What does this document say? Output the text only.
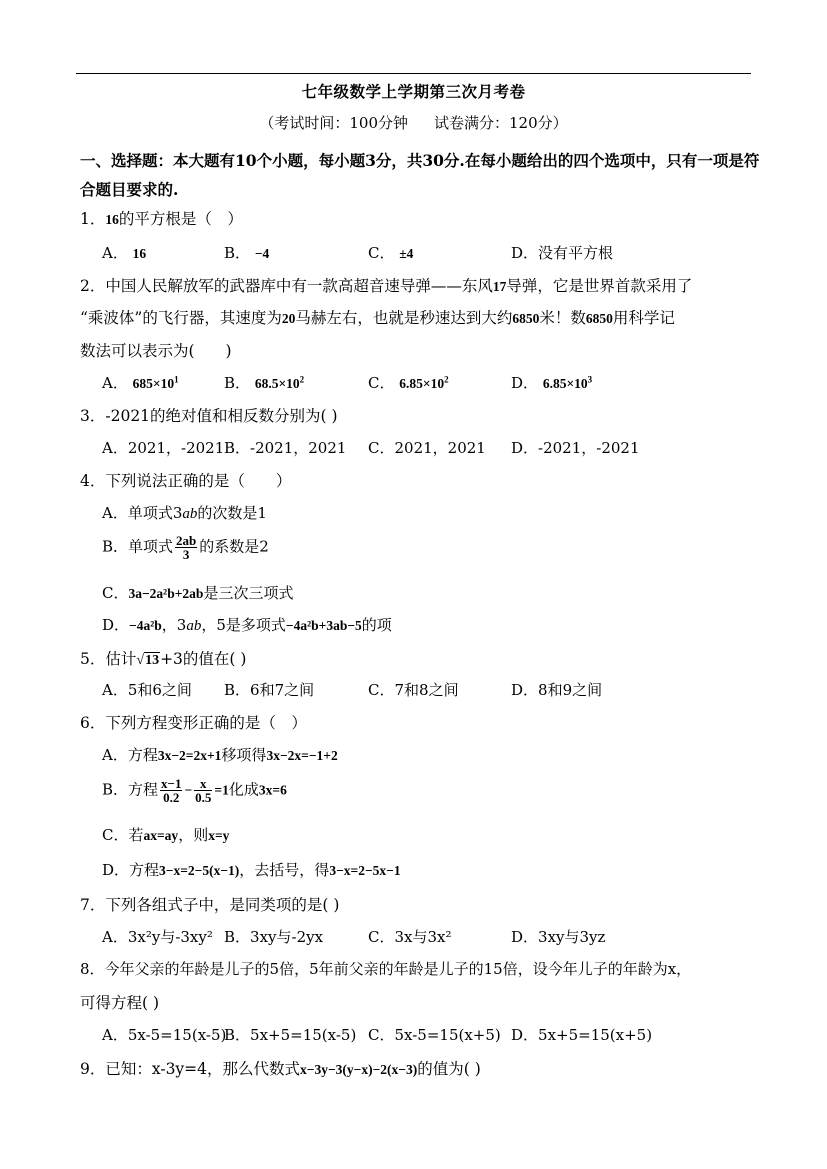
七年级数学上学期第三次月考卷
（考试时间：100分钟 试卷满分：120分）
一、选择题：本大题有10个小题，每小题3分，共30分.在每小题给出的四个选项中，只有一项是符合题目要求的.
1．16的平方根是（　）
A． 16	B． −4	C． ±4	D．没有平方根
2．中国人民解放军的武器库中有一款高超音速导弹——东风17导弹，它是世界首款采用了
“乘波体”的飞行器，其速度为20马赫左右，也就是秒速达到大约6850米！数6850用科学记
数法可以表示为(　　)
A． $685\times 10^1$	B． $68.5\times 10^2$	C． $6.85\times 10^2$	D． $6.85\times 10^3$
3．-2021的绝对值和相反数分别为( )
A．2021，-2021 B．-2021，2021 C．2021，2021 D．-2021，-2021
4．下列说法正确的是（　　）
A．单项式3ab的次数是1
B．单项式 $\frac{2ab}{3}$ 的系数是2
C．3a−2a²b+2ab是三次三项式
D．−4a²b，3ab，5是多项式−4a²b+3ab−5的项
5．估计√13+3的值在( )
A．5和6之间 B．6和7之间	C．7和8之间	D．8和9之间
6．下列方程变形正确的是（　）
A．方程3x−2=2x+1移项得3x−2x=−1+2
B．方程 $\frac{x-1}{0.2} - \frac{x}{0.5} =1$化成3x=6
C．若ax=ay，则x=y
D．方程3−x=2−5(x−1)，去括号，得3−x=2−5x−1
7．下列各组式子中，是同类项的是( )
A．3x²y与-3xy² B．3xy与-2yx	C．3x与3x²	D．3xy与3yz
8．今年父亲的年龄是儿子的5倍，5年前父亲的年龄是儿子的15倍，设今年儿子的年龄为x，
可得方程( )
A．5x-5=15(x-5)
B．5x+5=15(x-5) C．5x-5=15(x+5) D．5x+5=15(x+5)
9．已知：x-3y=4，那么代数式x−3y−3(y−x)−2(x−3)的值为( )
